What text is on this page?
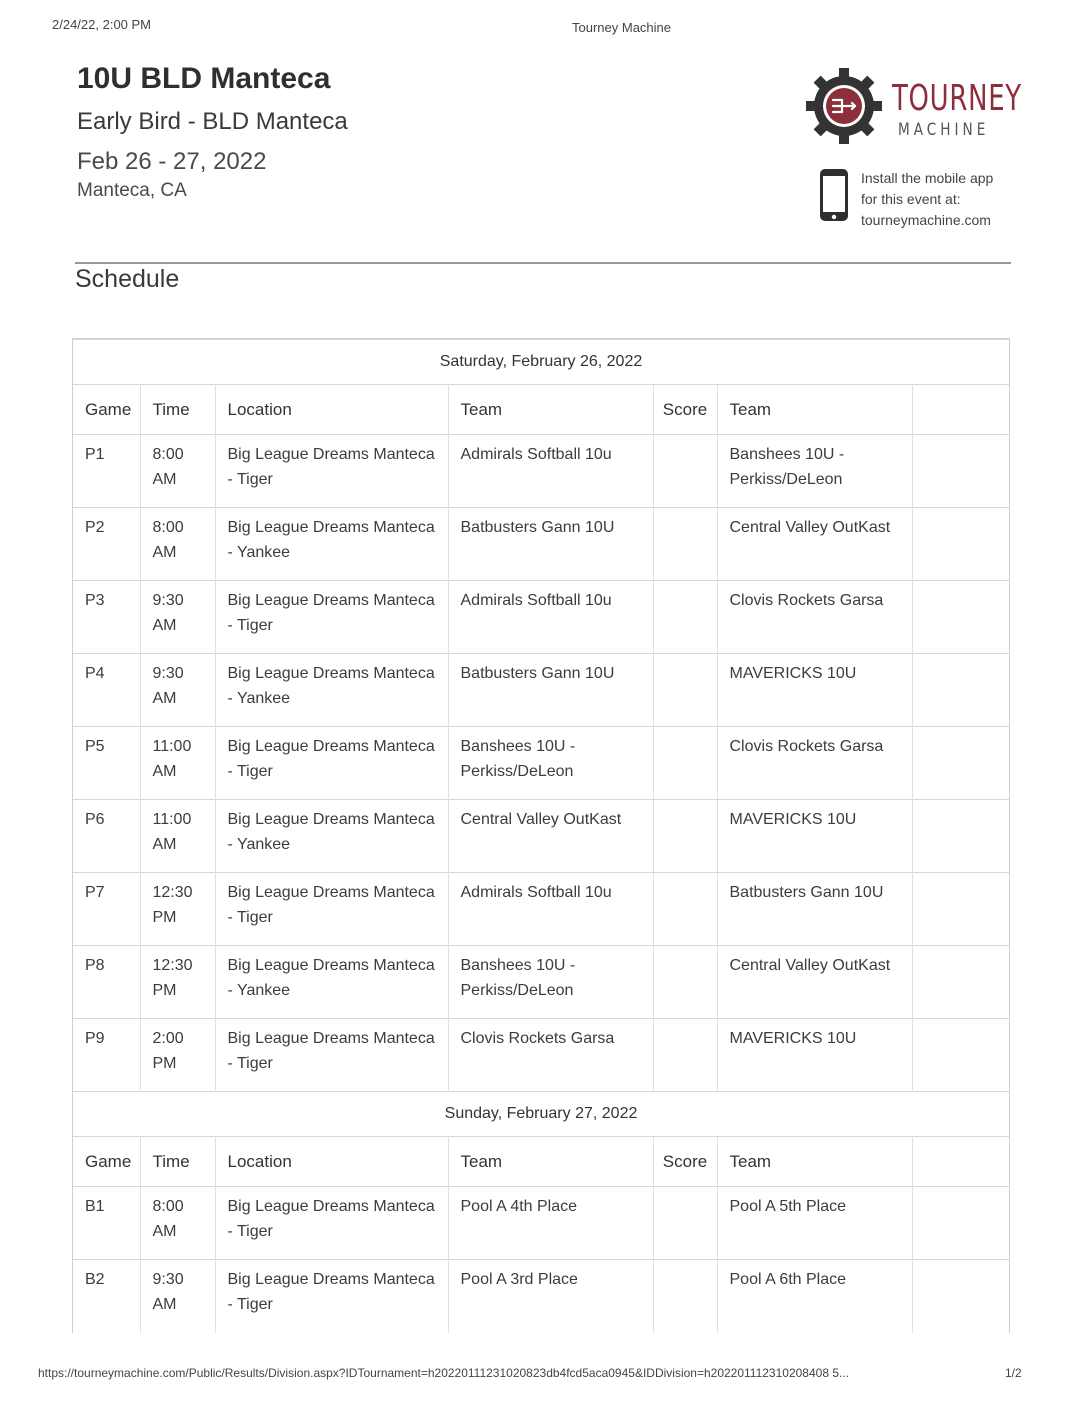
2/24/22, 2:00 PM	Tourney Machine
10U BLD Manteca
Early Bird - BLD Manteca
Feb 26 - 27, 2022
Manteca, CA
TOURNEY
MACHINE
Install the mobile app
for this event at:
tourneymachine.com
Schedule
Saturday, February 26, 2022						
Game	Time	Location	Team	Score	Team	
P1	8:00 AM	Big League Dreams Manteca - Tiger	Admirals Softball 10u		Banshees 10U - Perkiss/DeLeon	
P2	8:00 AM	Big League Dreams Manteca - Yankee	Batbusters Gann 10U		Central Valley OutKast	
P3	9:30 AM	Big League Dreams Manteca - Tiger	Admirals Softball 10u		Clovis Rockets Garsa	
P4	9:30 AM	Big League Dreams Manteca - Yankee	Batbusters Gann 10U		MAVERICKS 10U	
P5	11:00 AM	Big League Dreams Manteca - Tiger	Banshees 10U - Perkiss/DeLeon		Clovis Rockets Garsa	
P6	11:00 AM	Big League Dreams Manteca - Yankee	Central Valley OutKast		MAVERICKS 10U	
P7	12:30 PM	Big League Dreams Manteca - Tiger	Admirals Softball 10u		Batbusters Gann 10U	
P8	12:30 PM	Big League Dreams Manteca - Yankee	Banshees 10U - Perkiss/DeLeon		Central Valley OutKast	
P9	2:00 PM	Big League Dreams Manteca - Tiger	Clovis Rockets Garsa		MAVERICKS 10U	
Sunday, February 27, 2022						
Game	Time	Location	Team	Score	Team	
B1	8:00 AM	Big League Dreams Manteca - Tiger	Pool A 4th Place		Pool A 5th Place	
B2	9:30 AM	Big League Dreams Manteca - Tiger	Pool A 3rd Place		Pool A 6th Place	
https://tourneymachine.com/Public/Results/Division.aspx?IDTournament=h20220111231020823db4fcd5aca0945&IDDivision=h202201112310208408 5...	1/2
